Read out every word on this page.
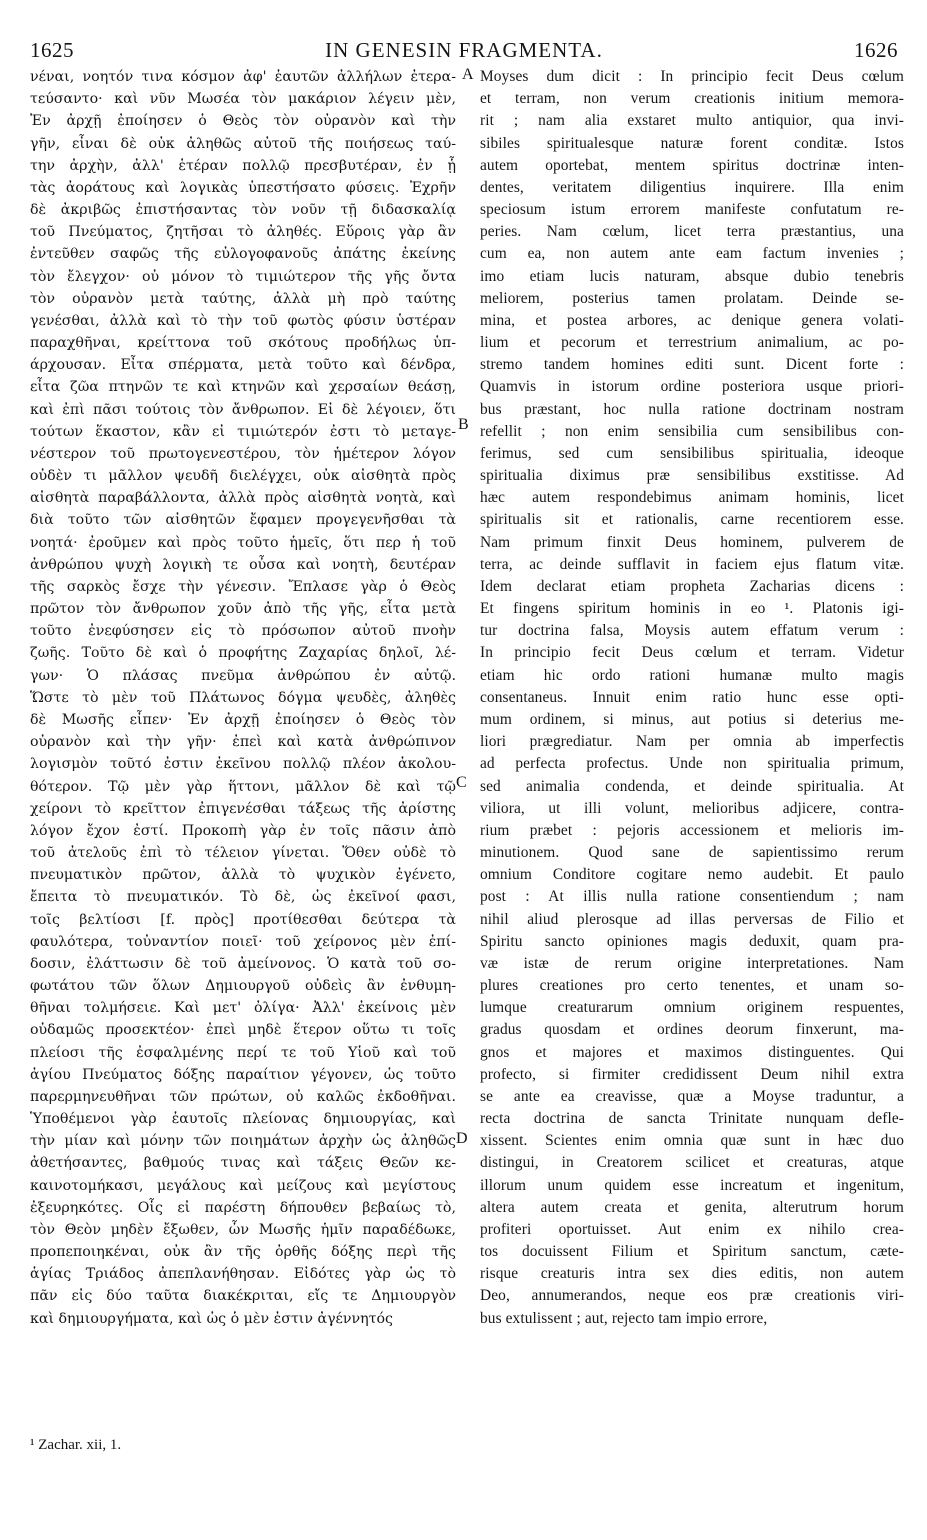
1625	IN GENESIN FRAGMENTA.	1626
νέναι, νοητόν τινα κόσμον ἀφ' ἑαυτῶν ἀλλήλων ἐτερα-
τεύσαντο· καὶ νῦν Μωσέα τὸν μακάριον λέγειν μὲν,
Ἐν ἀρχῇ ἐποίησεν ὁ Θεὸς τὸν οὐρανὸν καὶ τὴν
γῆν, εἶναι δὲ οὐκ ἀληθῶς αὐτοῦ τῆς ποιήσεως ταύ-
την ἀρχὴν, ἀλλ' ἑτέραν πολλῷ πρεσβυτέραν, ἐν ᾗ
τὰς ἀοράτους καὶ λογικὰς ὑπεστήσατο φύσεις. Ἐχρῆν
δὲ ἀκριβῶς ἐπιστήσαντας τὸν νοῦν τῇ διδασκαλίᾳ
τοῦ Πνεύματος, ζητῆσαι τὸ ἀληθές. Εὕροις γὰρ ἂν
ἐντεῦθεν σαφῶς τῆς εὐλογοφανοῦς ἀπάτης ἐκείνης
τὸν ἔλεγχον· οὐ μόνον τὸ τιμιώτερον τῆς γῆς ὄντα
τὸν οὐρανὸν μετὰ ταύτης, ἀλλὰ μὴ πρὸ ταύτης
γενέσθαι, ἀλλὰ καὶ τὸ τὴν τοῦ φωτὸς φύσιν ὑστέραν
παραχθῆναι, κρείττονα τοῦ σκότους προδήλως ὑπ-
άρχουσαν. Εἶτα σπέρματα, μετὰ τοῦτο καὶ δένδρα,
εἶτα ζῶα πτηνῶν τε καὶ κτηνῶν καὶ χερσαίων θεάσῃ,
καὶ ἐπὶ πᾶσι τούτοις τὸν ἄνθρωπον. Εἰ δὲ λέγοιεν, ὅτι
τούτων ἕκαστον, κἂν εἰ τιμιώτερόν ἐστι τὸ μεταγε-
νέστερον τοῦ πρωτογενεστέρου, τὸν ἡμέτερον λόγον
οὐδὲν τι μᾶλλον ψευδῆ διελέγχει, οὐκ αἰσθητὰ πρὸς
αἰσθητὰ παραβάλλοντα, ἀλλὰ πρὸς αἰσθητὰ νοητὰ, καὶ
διὰ τοῦτο τῶν αἰσθητῶν ἔφαμεν προγεγενῆσθαι τὰ
νοητά· ἐροῦμεν καὶ πρὸς τοῦτο ἡμεῖς, ὅτι περ ἡ τοῦ
ἀνθρώπου ψυχὴ λογικὴ τε οὖσα καὶ νοητὴ, δευτέραν
τῆς σαρκὸς ἔσχε τὴν γένεσιν. Ἔπλασε γὰρ ὁ Θεὸς
πρῶτον τὸν ἄνθρωπον χοῦν ἀπὸ τῆς γῆς, εἶτα μετὰ
τοῦτο ἐνεφύσησεν εἰς τὸ πρόσωπον αὐτοῦ πνοὴν
ζωῆς. Τοῦτο δὲ καὶ ὁ προφήτης Ζαχαρίας δηλοῖ, λέ-
γων· Ὁ πλάσας πνεῦμα ἀνθρώπου ἐν αὐτῷ.
Ὥστε τὸ μὲν τοῦ Πλάτωνος δόγμα ψευδὲς, ἀληθὲς
δὲ Μωσῆς εἶπεν· Ἐν ἀρχῇ ἐποίησεν ὁ Θεὸς τὸν
οὐρανὸν καὶ τὴν γῆν· ἐπεὶ καὶ κατὰ ἀνθρώπινον
λογισμὸν τοῦτό ἐστιν ἐκεῖνου πολλῷ πλέον ἀκολου-
θότερον. Τῷ μὲν γὰρ ἥττονι, μᾶλλον δὲ καὶ τῷ
χείρονι τὸ κρεῖττον ἐπιγενέσθαι τάξεως τῆς ἀρίστης
λόγον ἔχον ἐστί. Προκοπὴ γὰρ ἐν τοῖς πᾶσιν ἀπὸ
τοῦ ἀτελοῦς ἐπὶ τὸ τέλειον γίνεται. Ὅθεν οὐδὲ τὸ
πνευματικὸν πρῶτον, ἀλλὰ τὸ ψυχικὸν ἐγένετο,
ἔπειτα τὸ πνευματικόν. Τὸ δὲ, ὡς ἐκεῖνοί φασι,
τοῖς βελτίοσι [f. πρὸς] προτίθεσθαι δεύτερα τὰ
φαυλότερα, τοὐναντίον ποιεῖ· τοῦ χείρονος μὲν ἐπί-
δοσιν, ἐλάττωσιν δὲ τοῦ ἀμείνονος. Ὁ κατὰ τοῦ σο-
φωτάτου τῶν ὅλων Δημιουργοῦ οὐδεὶς ἂν ἐνθυμη-
θῆναι τολμήσειε. Καὶ μετ' ὀλίγα· Ἀλλ' ἐκείνοις μὲν
οὐδαμῶς προσεκτέον· ἐπεὶ μηδὲ ἕτερον οὕτω τι τοῖς
πλείοσι τῆς ἐσφαλμένης περί τε τοῦ Υἱοῦ καὶ τοῦ
ἁγίου Πνεύματος δόξης παραίτιον γέγονεν, ὡς τοῦτο
παρερμηνευθῆναι τῶν πρώτων, οὐ καλῶς ἐκδοθῆναι.
Ὑποθέμενοι γὰρ ἑαυτοῖς πλείονας δημιουργίας, καὶ
τὴν μίαν καὶ μόνην τῶν ποιημάτων ἀρχὴν ὡς ἀληθῶς
ἀθετήσαντες, βαθμούς τινας καὶ τάξεις Θεῶν κε-
καινοτομήκασι, μεγάλους καὶ μείζους καὶ μεγίστους
ἐξευρηκότες. Οἷς εἰ παρέστη δήπουθεν βεβαίως τὸ,
τὸν Θεὸν μηδὲν ἔξωθεν, ὧν Μωσῆς ἡμῖν παραδέδωκε,
προπεποιηκέναι, οὐκ ἂν τῆς ὀρθῆς δόξης περὶ τῆς
ἁγίας Τριάδος ἀπεπλανήθησαν. Εἰδότες γὰρ ὡς τὸ
πᾶν εἰς δύο ταῦτα διακέκριται, εἴς τε Δημιουργὸν
καὶ δημιουργήματα, καὶ ὡς ὁ μὲν ἐστιν ἀγέννητός
Moyses dum dicit : In principio fecit Deus cœlum
et terram, non verum creationis initium memora-
rit ; nam alia exstaret multo antiquior, qua invi-
sibiles spiritualesque naturæ forent conditæ. Istos
autem oportebat, mentem spiritus doctrinæ inten-
dentes, veritatem diligentius inquirere. Illa enim
speciosum istum errorem manifeste confutatum re-
peries. Nam cœlum, licet terra præstantius, una
cum ea, non autem ante eam factum invenies ;
imo etiam lucis naturam, absque dubio tenebris
meliorem, posterius tamen prolatam. Deinde se-
mina, et postea arbores, ac denique genera volati-
lium et pecorum et terrestrium animalium, ac po-
stremo tandem homines editi sunt. Dicent forte :
Quamvis in istorum ordine posteriora usque priori-
bus præstant, hoc nulla ratione doctrinam nostram
refellit ; non enim sensibilia cum sensibilibus con-
ferimus, sed cum sensibilibus spiritualia, ideoque
spiritualia diximus præ sensibilibus exstitisse. Ad
hæc autem respondebimus animam hominis, licet
spiritualis sit et rationalis, carne recentiorem esse.
Nam primum finxit Deus hominem, pulverem de
terra, ac deinde sufflavit in faciem ejus flatum vitæ.
Idem declarat etiam propheta Zacharias dicens :
Et fingens spiritum hominis in eo ¹. Platonis igi-
tur doctrina falsa, Moysis autem effatum verum :
In principio fecit Deus cœlum et terram. Videtur
etiam hic ordo rationi humanæ multo magis
consentaneus. Innuit enim ratio hunc esse opti-
mum ordinem, si minus, aut potius si deterius me-
liori prægrediatur. Nam per omnia ab imperfectis
ad perfecta profectus. Unde non spiritualia primum,
sed animalia condenda, et deinde spiritualia. At
viliora, ut illi volunt, melioribus adjicere, contra-
rium præbet : pejoris accessionem et melioris im-
minutionem. Quod sane de sapientissimo rerum
omnium Conditore cogitare nemo audebit. Et paulo
post : At illis nulla ratione consentiendum ; nam
nihil aliud plerosque ad illas perversas de Filio et
Spiritu sancto opiniones magis deduxit, quam pra-
væ istæ de rerum origine interpretationes. Nam
plures creationes pro certo tenentes, et unam so-
lumque creaturarum omnium originem respuentes,
gradus quosdam et ordines deorum finxerunt, ma-
gnos et majores et maximos distinguentes. Qui
profecto, si firmiter credidissent Deum nihil extra
se ante ea creavisse, quæ a Moyse traduntur, a
recta doctrina de sancta Trinitate nunquam defle-
xissent. Scientes enim omnia quæ sunt in hæc duo
distingui, in Creatorem scilicet et creaturas, atque
illorum unum quidem esse increatum et ingenitum,
altera autem creata et genita, alterutrum horum
profiteri oportuisset. Aut enim ex nihilo crea-
tos docuissent Filium et Spiritum sanctum, cæte-
risque creaturis intra sex dies editis, non autem
Deo, annumerandos, neque eos præ creationis viri-
bus extulissent ; aut, rejecto tam impio errore,
A
B
C
D
¹ Zachar. xii, 1.
